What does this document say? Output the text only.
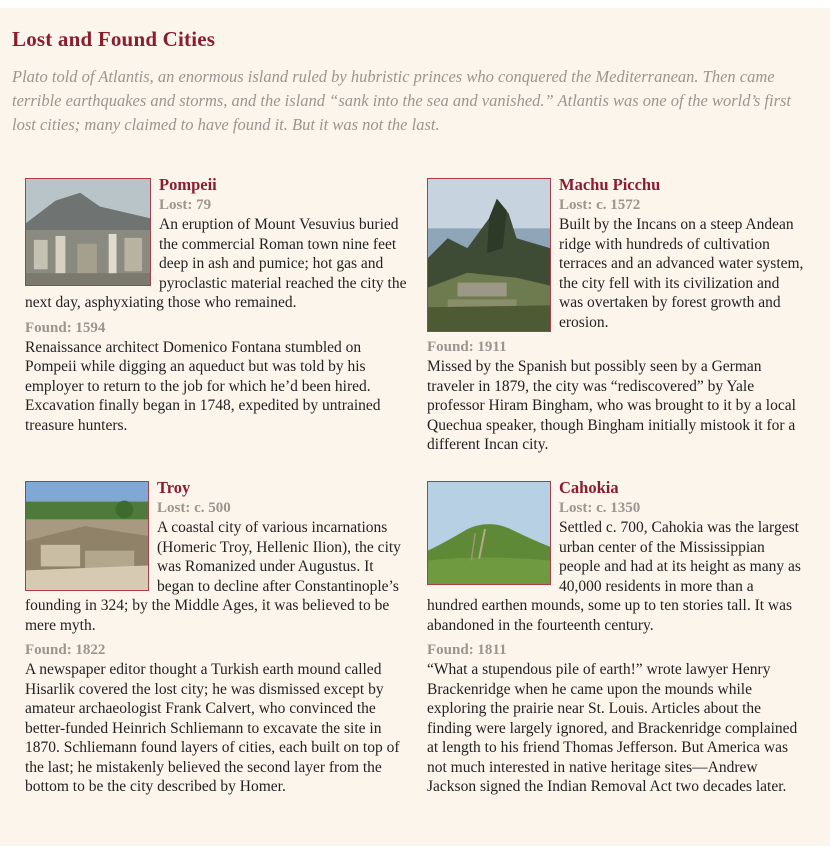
Lost and Found Cities
Plato told of Atlantis, an enormous island ruled by hubristic princes who conquered the Mediterranean. Then came terrible earthquakes and storms, and the island “sank into the sea and vanished.” Atlantis was one of the world’s first lost cities; many claimed to have found it. But it was not the last.
Pompeii
Lost: 79

An eruption of Mount Vesuvius buried the commercial Roman town nine feet deep in ash and pumice; hot gas and pyroclastic material reached the city the next day, asphyxiating those who remained.

Found: 1594

Renaissance architect Domenico Fontana stumbled on Pompeii while digging an aqueduct but was told by his employer to return to the job for which he’d been hired. Excavation finally began in 1748, expedited by untrained treasure hunters.

Machu Picchu
Lost: c. 1572

Built by the Incans on a steep Andean ridge with hundreds of cultivation terraces and an advanced water system, the city fell with its civilization and was overtaken by forest growth and erosion.

Found: 1911

Missed by the Spanish but possibly seen by a German traveler in 1879, the city was “rediscovered” by Yale professor Hiram Bingham, who was brought to it by a local Quechua speaker, though Bingham initially mistook it for a different Incan city.

Troy
Lost: c. 500

A coastal city of various incarnations (Homeric Troy, Hellenic Ilion), the city was Romanized under Augustus. It began to decline after Constantinople’s founding in 324; by the Middle Ages, it was believed to be mere myth.

Found: 1822

A newspaper editor thought a Turkish earth mound called Hisarlik covered the lost city; he was dismissed except by amateur archaeologist Frank Calvert, who convinced the better-funded Heinrich Schliemann to excavate the site in 1870. Schliemann found layers of cities, each built on top of the last; he mistakenly believed the second layer from the bottom to be the city described by Homer.

Cahokia
Lost: c. 1350

Settled c. 700, Cahokia was the largest urban center of the Mississippian people and had at its height as many as 40,000 residents in more than a hundred earthen mounds, some up to ten stories tall. It was abandoned in the fourteenth century.

Found: 1811

“What a stupendous pile of earth!” wrote lawyer Henry Brackenridge when he came upon the mounds while exploring the prairie near St. Louis. Articles about the finding were largely ignored, and Brackenridge complained at length to his friend Thomas Jefferson. But America was not much interested in native heritage sites—Andrew Jackson signed the Indian Removal Act two decades later.
